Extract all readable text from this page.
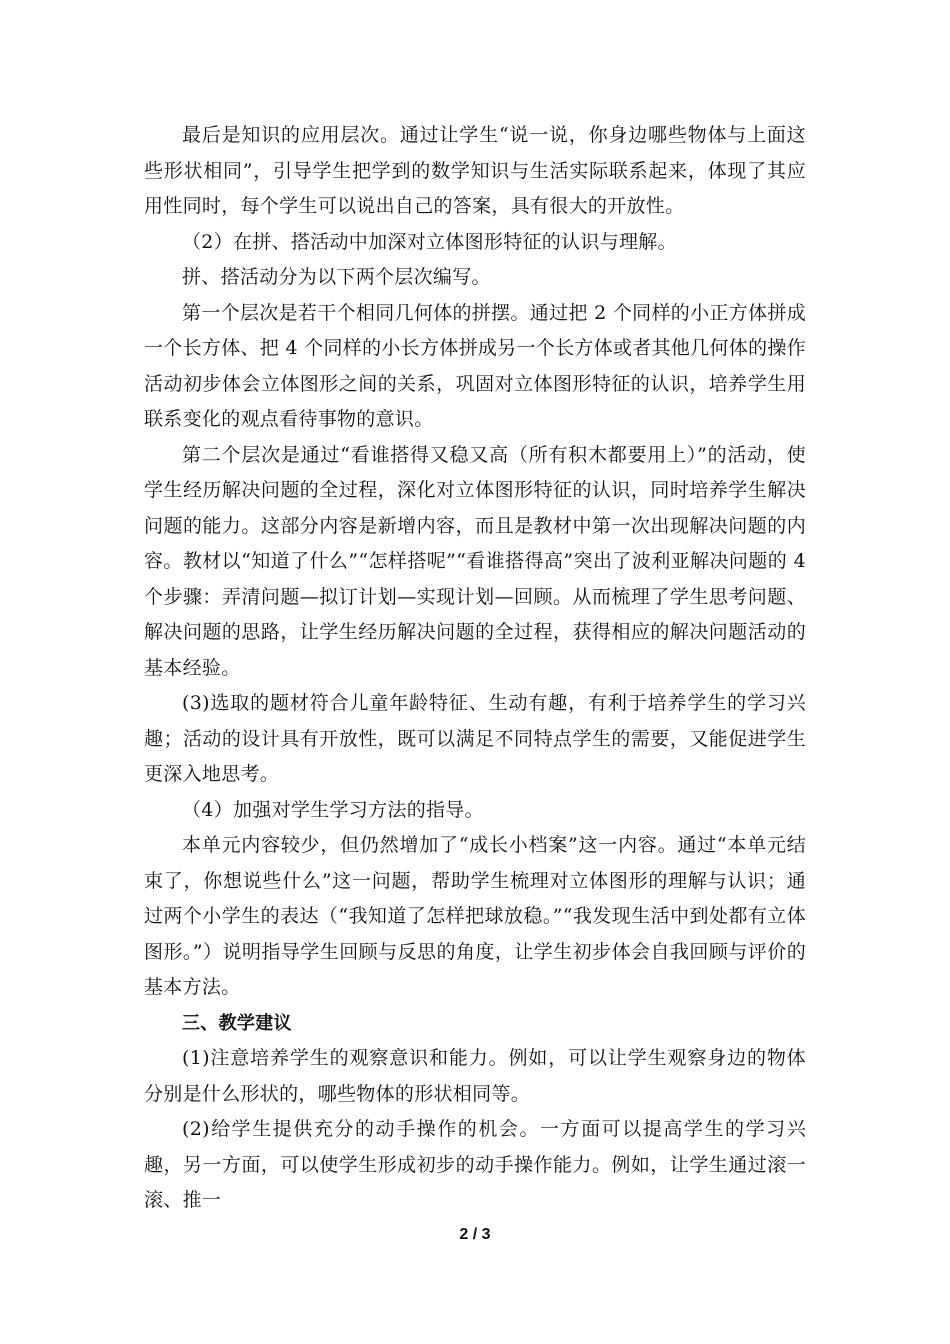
最后是知识的应用层次。通过让学生“说一说，你身边哪些物体与上面这些形状相同”，引导学生把学到的数学知识与生活实际联系起来，体现了其应用性同时，每个学生可以说出自己的答案，具有很大的开放性。

（2）在拼、搭活动中加深对立体图形特征的认识与理解。

拼、搭活动分为以下两个层次编写。

第一个层次是若干个相同几何体的拼摆。通过把 2 个同样的小正方体拼成一个长方体、把 4 个同样的小长方体拼成另一个长方体或者其他几何体的操作活动初步体会立体图形之间的关系，巩固对立体图形特征的认识，培养学生用联系变化的观点看待事物的意识。

第二个层次是通过“看谁搭得又稳又高（所有积木都要用上）”的活动，使学生经历解决问题的全过程，深化对立体图形特征的认识，同时培养学生解决问题的能力。这部分内容是新增内容，而且是教材中第一次出现解决问题的内容。教材以“知道了什么”“怎样搭呢”“看谁搭得高”突出了波利亚解决问题的 4 个步骤：弄清问题—拟订计划—实现计划—回顾。从而梳理了学生思考问题、解决问题的思路，让学生经历解决问题的全过程，获得相应的解决问题活动的基本经验。

(3)选取的题材符合儿童年龄特征、生动有趣，有利于培养学生的学习兴趣；活动的设计具有开放性，既可以满足不同特点学生的需要，又能促进学生更深入地思考。

（4）加强对学生学习方法的指导。

本单元内容较少，但仍然增加了“成长小档案”这一内容。通过“本单元结束了，你想说些什么”这一问题，帮助学生梳理对立体图形的理解与认识；通过两个小学生的表达（“我知道了怎样把球放稳。”“我发现生活中到处都有立体图形。”）说明指导学生回顾与反思的角度，让学生初步体会自我回顾与评价的基本方法。

三、教学建议

(1)注意培养学生的观察意识和能力。例如，可以让学生观察身边的物体分别是什么形状的，哪些物体的形状相同等。

(2)给学生提供充分的动手操作的机会。一方面可以提高学生的学习兴趣，另一方面，可以使学生形成初步的动手操作能力。例如，让学生通过滚一滚、推一

2 / 3
